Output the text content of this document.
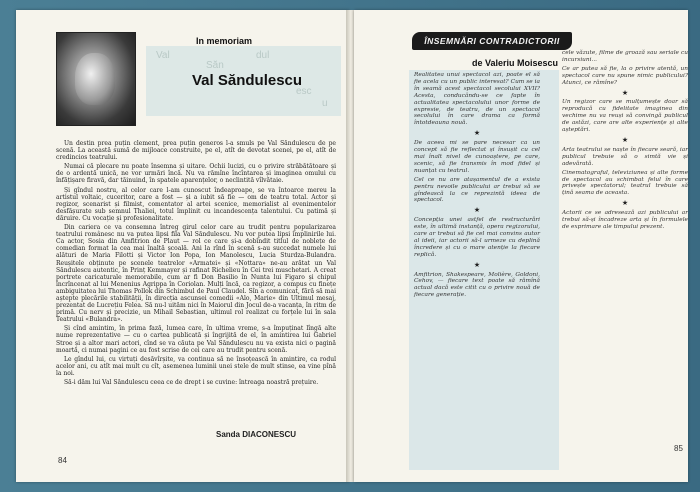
Val
Săn
dul
esc
u
In memoriam
Val Săndulescu

Un destin prea puțin clement, prea puțin generos l-a smuls pe Val Săndulescu de pe scenă. La această sumă de mijloace construite, pe el, atît de devotat scenei, pe el, atît de credincios teatrului.

Numai că plecare nu poate însemna și uitare. Ochii lucizi, cu o privire străbătătoare și de o ardentă unică, ne vor urmări încă. Nu va rămîne încîntarea și imaginea omului cu înfățișare firavă, dar tăinuind, în spatele aparențelor, o neclintită vîlvătaie.

Și gîndul nostru, al celor care l-am cunoscut îndeaproape, se va întoarce mereu la artistul voltaic, cuceritor, care a fost — și a iubit să fie — om de teatru total. Actor și regizor, scenarist și filmist, comentator al artei scenice, memorialist al evenimentelor desfășurate sub semnul Thaliei, totul împlinit cu incandescența talentului. Cu patimă și dăruire. Cu vocație și profesionalitate.

Din cariera ce va consemna întreg girul celor care au trudit pentru popularizarea teatrului românesc nu va putea lipsi fila Val Săndulescu. Nu vor putea lipsi împlinirile lui. Ca actor, Sosia din Amfitrion de Plaut — rol ce care și-a dobîndit titlul de noblețe de comedian format la cea mai înaltă școală. Ani la rînd în scenă s-au succedat numele lui alături de Maria Filotti și Victor Ion Popa, Ion Manolescu, Lucia Sturdza-Bulandra. Reușitele obținute pe scenele teatrelor «Armatei» și «Nottara» ne-au arătat un Val Săndulescu autentic, în Prinț Kemmayer și rafinat Richelieu în Cei trei muschetari. A creat portrete caricaturale memorabile, cum ar fi Don Basilio în Nunta lui Figaro și chipul încrîncenat al lui Menenius Agrippa în Coriolan. Mulți încă, ca regizor, a compus cu finețe ambiguitatea lui Thomas Pollok din Schimbul de Paul Claudel. Sîn a comunicat, fără să mai aștepte plecările stabilității, în direcția ascunsei comedii «Alo, Marie» din Ultimul mesaj, prezentat de Lucrețiu Felea. Să nu-l uităm nici în Maiorul din Jocul de-a vacanța, în ritm de primă. Cu nerv și precizie, un Mihail Sebastian, ultimul rol realizat cu forțele lui în sala Teatrului «Bulandra».

Și cînd amintim, în prima fază, lumea care, în ultima vreme, s-a împuținat lîngă alte nume reprezentative — cu o cartea publicată și îngrijită de el, în amintirea lui Gabriel Stroe și a altor mari actori, cînd se va căuta pe Val Săndulescu nu va exista nici o pagină moartă, ci numai pagini ce au fost scrise de cei care au trudit pentru scenă.

Le gîndul lui, cu virtuți desăvîrșite, va continua să ne însoțească în amintire, ca rodul acelor ani, cu atît mai mult cu cît, asemenea luminii unei stele de mult stinse, ea vine pînă la noi.

Să-i dăm lui Val Săndulescu ceea ce de drept i se cuvine: întreaga noastră prețuire.

Sanda DIACONESCU
84
ÎNSEMNĂRI CONTRADICTORII
de Valeriu Moisescu

Realitatea unui spectacol azi, poate el să fie acela cu un public interesat? Cum se ia în seamă acest spectacol secolului XVII? Acesta, conducându-se ce fapte în actualitatea spectacolului unor forme de expresie, de teatru, de un spectacol secolului în care drama ca formă întotdeauna nouă.

★

De aceea mi se pare necesar ca un concept să fie reflectat și însușit cu cel mai înalt nivel de cunoaștere, pe care, scenic, să fie transmis în mod fidel și nuanțat cu teatrul.

Cel ce nu are atașamentul de a exista pentru nevoile publicului ar trebui să se gîndească la ce reprezintă ideea de spectacol.

★

Concepția unei astfel de restructurări este, în ultimă instanță, opera regizorului, care ar trebui să fie cel mai convins autor al ideii, iar actorii să-l urmeze cu deplină încredere și cu o mare atenție la fiecare replică.

★

Amfitrion, Shakespeare, Molière, Goldoni, Cehov, — fiecare text poate să rămînă actual dacă este citit cu o privire nouă de fiecare generație.

cele văzute, filme de groază sau seriale cu incursiuni...

Ce ar putea să fie, la o privire atentă, un spectacol care nu spune nimic publicului? Atunci, ce rămîne?

★

Un regizor care se mulțumește doar să reproducă cu fidelitate imaginea din vechime nu va reuși să convingă publicul de astăzi, care are alte experiențe și alte așteptări.

★

Arta teatrului se naște în fiecare seară, iar publicul trebuie să o simtă vie și adevărată.

Cinematograful, televiziunea și alte forme de spectacol au schimbat felul în care privește spectatorul; teatrul trebuie să țină seama de aceasta.

★

Actorii ce se adresează azi publicului ar trebui să-și încadreze arta și în formulele de exprimare ale timpului prezent.

85
